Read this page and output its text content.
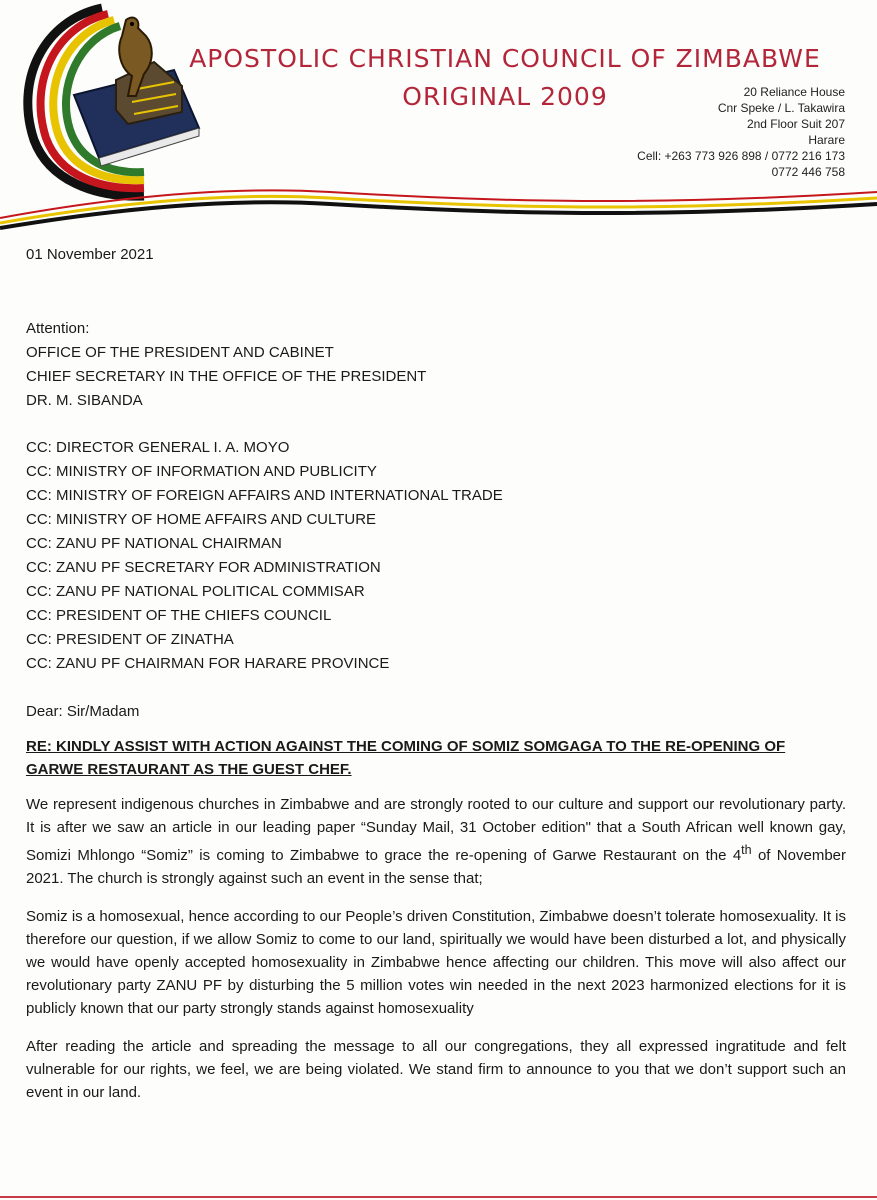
APOSTOLIC CHRISTIAN COUNCIL OF ZIMBABWE
ORIGINAL 2009	20 Reliance House
Cnr Speke / L. Takawira
2nd Floor Suit 207
Harare
Cell: +263 773 926 898 / 0772 216 173
0772 446 758

01 November 2021

Attention:
OFFICE OF THE PRESIDENT AND CABINET
CHIEF SECRETARY IN THE OFFICE OF THE PRESIDENT
DR. M. SIBANDA
CC: DIRECTOR GENERAL I. A. MOYO
CC: MINISTRY OF INFORMATION AND PUBLICITY
CC: MINISTRY OF FOREIGN AFFAIRS AND INTERNATIONAL TRADE
CC: MINISTRY OF HOME AFFAIRS AND CULTURE
CC: ZANU PF NATIONAL CHAIRMAN
CC: ZANU PF SECRETARY FOR ADMINISTRATION
CC: ZANU PF NATIONAL POLITICAL COMMISAR
CC: PRESIDENT OF THE CHIEFS COUNCIL
CC: PRESIDENT OF ZINATHA
CC: ZANU PF CHAIRMAN FOR HARARE PROVINCE
Dear: Sir/Madam
RE: KINDLY ASSIST WITH ACTION AGAINST THE COMING OF SOMIZ SOMGAGA TO THE RE-OPENING OF GARWE RESTAURANT AS THE GUEST CHEF.

We represent indigenous churches in Zimbabwe and are strongly rooted to our culture and support our revolutionary party. It is after we saw an article in our leading paper “Sunday Mail, 31 October edition" that a South African well known gay, Somizi Mhlongo “Somiz” is coming to Zimbabwe to grace the re-opening of Garwe Restaurant on the 4th of November 2021. The church is strongly against such an event in the sense that;

Somiz is a homosexual, hence according to our People’s driven Constitution, Zimbabwe doesn’t tolerate homosexuality. It is therefore our question, if we allow Somiz to come to our land, spiritually we would have been disturbed a lot, and physically we would have openly accepted homosexuality in Zimbabwe hence affecting our children. This move will also affect our revolutionary party ZANU PF by disturbing the 5 million votes win needed in the next 2023 harmonized elections for it is publicly known that our party strongly stands against homosexuality

After reading the article and spreading the message to all our congregations, they all expressed ingratitude and felt vulnerable for our rights, we feel, we are being violated. We stand firm to announce to you that we don’t support such an event in our land.
